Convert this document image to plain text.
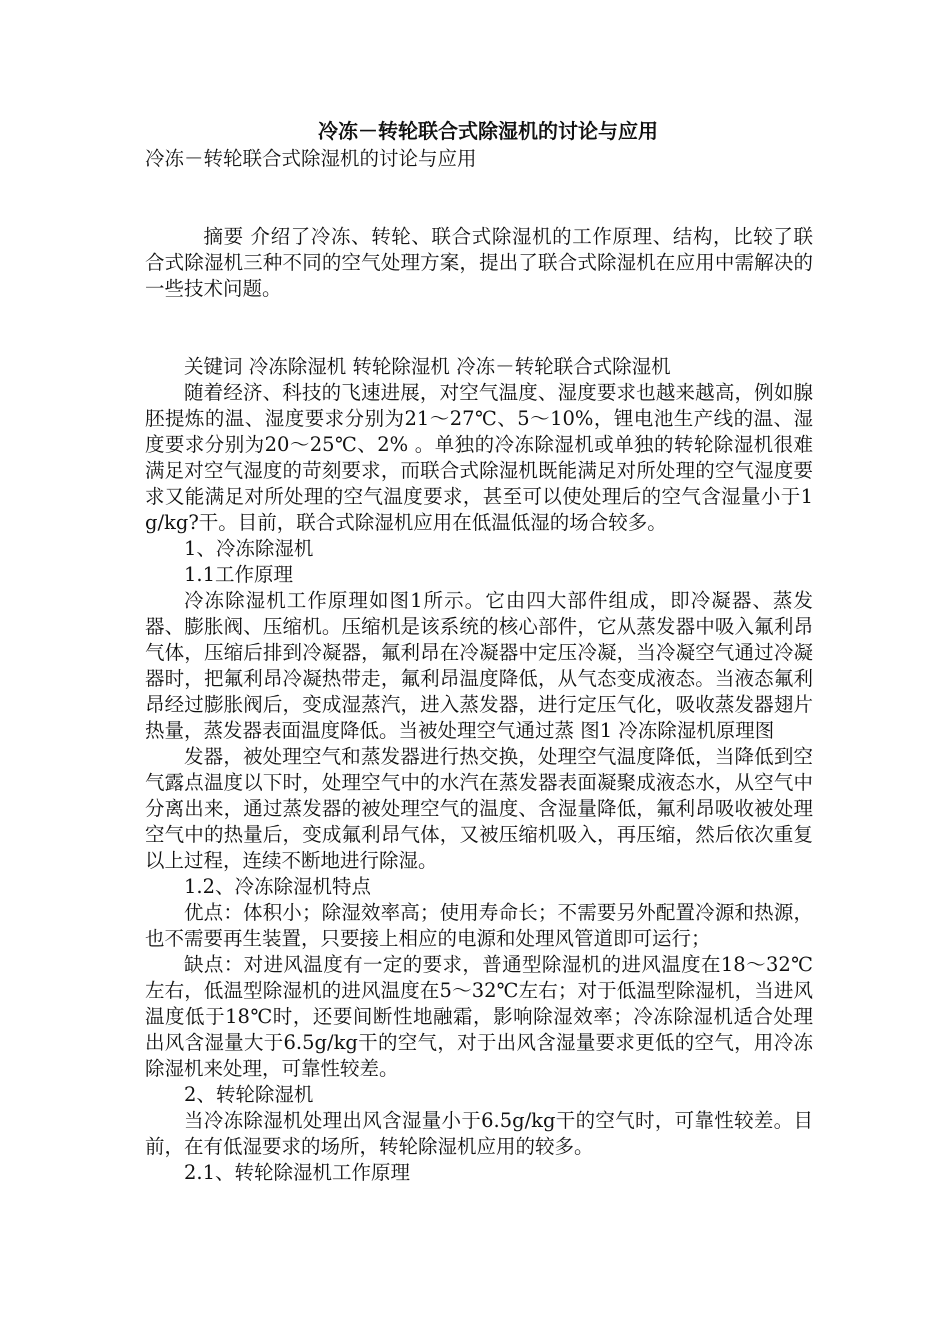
冷冻－转轮联合式除湿机的讨论与应用
冷冻－转轮联合式除湿机的讨论与应用

摘要 介绍了冷冻、转轮、联合式除湿机的工作原理、结构，比较了联合式除湿机三种不同的空气处理方案，提出了联合式除湿机在应用中需解决的一些技术问题。

关键词 冷冻除湿机 转轮除湿机 冷冻－转轮联合式除湿机

随着经济、科技的飞速进展，对空气温度、湿度要求也越来越高，例如腺胚提炼的温、湿度要求分别为21～27℃、5～10%，锂电池生产线的温、湿度要求分别为20～25℃、2% 。单独的冷冻除湿机或单独的转轮除湿机很难满足对空气湿度的苛刻要求，而联合式除湿机既能满足对所处理的空气湿度要求又能满足对所处理的空气温度要求，甚至可以使处理后的空气含湿量小于1g/kg?干。目前，联合式除湿机应用在低温低湿的场合较多。

1、冷冻除湿机

1.1工作原理

冷冻除湿机工作原理如图1所示。它由四大部件组成，即冷凝器、蒸发器、膨胀阀、压缩机。压缩机是该系统的核心部件，它从蒸发器中吸入氟利昂气体，压缩后排到冷凝器，氟利昂在冷凝器中定压冷凝，当冷凝空气通过冷凝器时，把氟利昂冷凝热带走，氟利昂温度降低，从气态变成液态。当液态氟利昂经过膨胀阀后，变成湿蒸汽，进入蒸发器，进行定压气化，吸收蒸发器翅片热量，蒸发器表面温度降低。当被处理空气通过蒸 图1 冷冻除湿机原理图

发器，被处理空气和蒸发器进行热交换，处理空气温度降低，当降低到空气露点温度以下时，处理空气中的水汽在蒸发器表面凝聚成液态水，从空气中分离出来，通过蒸发器的被处理空气的温度、含湿量降低，氟利昂吸收被处理空气中的热量后，变成氟利昂气体，又被压缩机吸入，再压缩，然后依次重复以上过程，连续不断地进行除湿。

1.2、冷冻除湿机特点

优点：体积小；除湿效率高；使用寿命长；不需要另外配置冷源和热源，也不需要再生装置，只要接上相应的电源和处理风管道即可运行；

缺点：对进风温度有一定的要求，普通型除湿机的进风温度在18～32℃左右，低温型除湿机的进风温度在5～32℃左右；对于低温型除湿机，当进风温度低于18℃时，还要间断性地融霜，影响除湿效率；冷冻除湿机适合处理出风含湿量大于6.5g/kg干的空气，对于出风含湿量要求更低的空气，用冷冻除湿机来处理，可靠性较差。

2、转轮除湿机

当冷冻除湿机处理出风含湿量小于6.5g/kg干的空气时，可靠性较差。目前，在有低湿要求的场所，转轮除湿机应用的较多。

2.1、转轮除湿机工作原理
